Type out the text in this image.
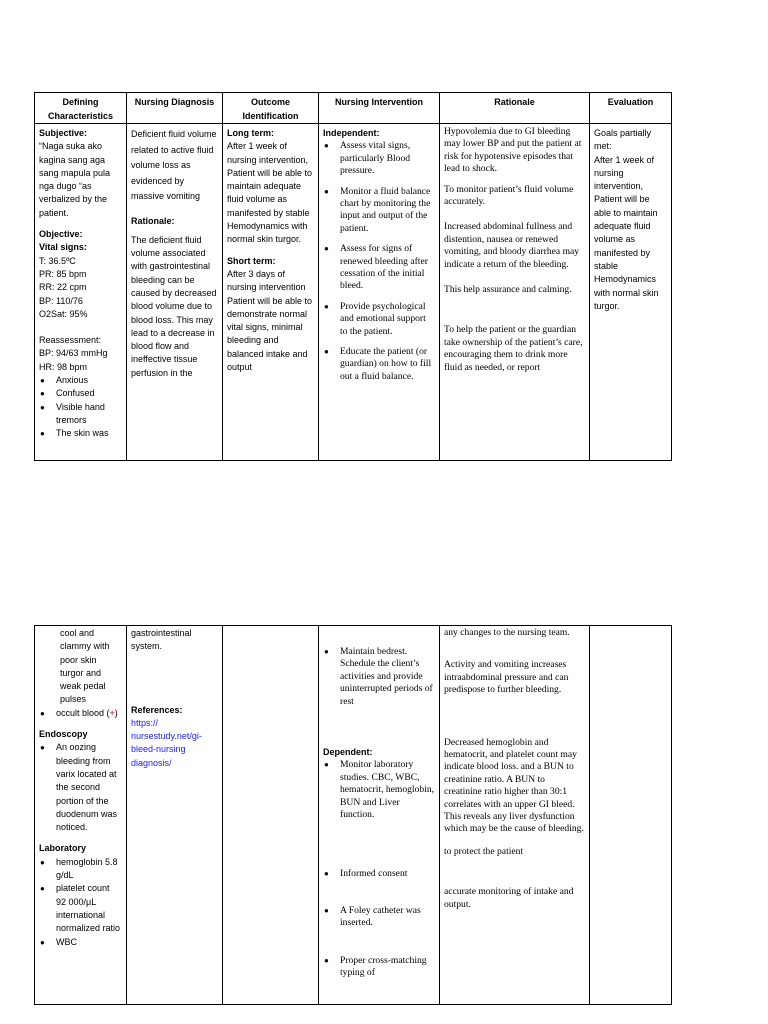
Defining Characteristics

Subjective:

“Naga suka ako kagina sang aga sang mapula pula nga dugo “as verbalized by the patient.

Objective:

Vital signs:

T: 36.5ºC

PR: 85 bpm

RR: 22 cpm

BP: 110/76

O2Sat: 95%

Reassessment:

BP: 94/63 mmHg

HR: 98 bpm

● Anxious
● Confused
● Visible hand tremors
● The skin was
Nursing Diagnosis

Deficient fluid volume related to active fluid volume loss as evidenced by massive vomiting

Rationale:

The deficient fluid volume associated with gastrointestinal bleeding can be caused by decreased blood volume due to blood loss. This may lead to a decrease in blood flow and ineffective tissue perfusion in the

Outcome Identification

Long term:

After 1 week of nursing intervention, Patient will be able to maintain adequate fluid volume as manifested by stable Hemodynamics with normal skin turgor.

Short term:

After 3 days of nursing intervention Patient will be able to demonstrate normal vital signs, minimal bleeding and balanced intake and output

Nursing Intervention

Independent:

● Assess vital signs, particularly Blood pressure.
● Monitor a fluid balance chart by monitoring the input and output of the patient.
● Assess for signs of renewed bleeding after cessation of the initial bleed.
● Provide psychological and emotional support to the patient.
● Educate the patient (or guardian) on how to fill out a fluid balance.
Rationale

Hypovolemia due to GI bleeding may lower BP and put the patient at risk for hypotensive episodes that lead to shock.

To monitor patient’s fluid volume accurately.

Increased abdominal fullness and distention, nausea or renewed vomiting, and bloody diarrhea may indicate a return of the bleeding.

This help assurance and calming.

To help the patient or the guardian take ownership of the patient’s care, encouraging them to drink more fluid as needed, or report

Evaluation

Goals partially met:

After 1 week of nursing intervention, Patient will be able to maintain adequate fluid volume as manifested by stable Hemodynamics with normal skin turgor.

cool and clammy with poor skin turgor and weak pedal pulses

● occult blood (+)

Endoscopy

● An oozing bleeding from varix located at the second portion of the duodenum was noticed.

Laboratory

● hemoglobin 5.8 g/dL
● platelet count 92 000/μL international normalized ratio
● WBC

gastrointestinal system.

References:

https:// nursestudy.net/gi-bleed-nursing diagnosis/

● Maintain bedrest. Schedule the client’s activities and provide uninterrupted periods of rest

Dependent:

● Monitor laboratory studies. CBC, WBC, hematocrit, hemoglobin, BUN and Liver function.
● Informed consent
● A Foley catheter was inserted.
● Proper cross-matching typing of

any changes to the nursing team.

Activity and vomiting increases intraabdominal pressure and can predispose to further bleeding.

Decreased hemoglobin and hematocrit, and platelet count may indicate blood loss. and a BUN to creatinine ratio. A BUN to creatinine ratio higher than 30:1 correlates with an upper GI bleed. This reveals any liver dysfunction which may be the cause of bleeding.

to protect the patient

accurate monitoring of intake and output.
